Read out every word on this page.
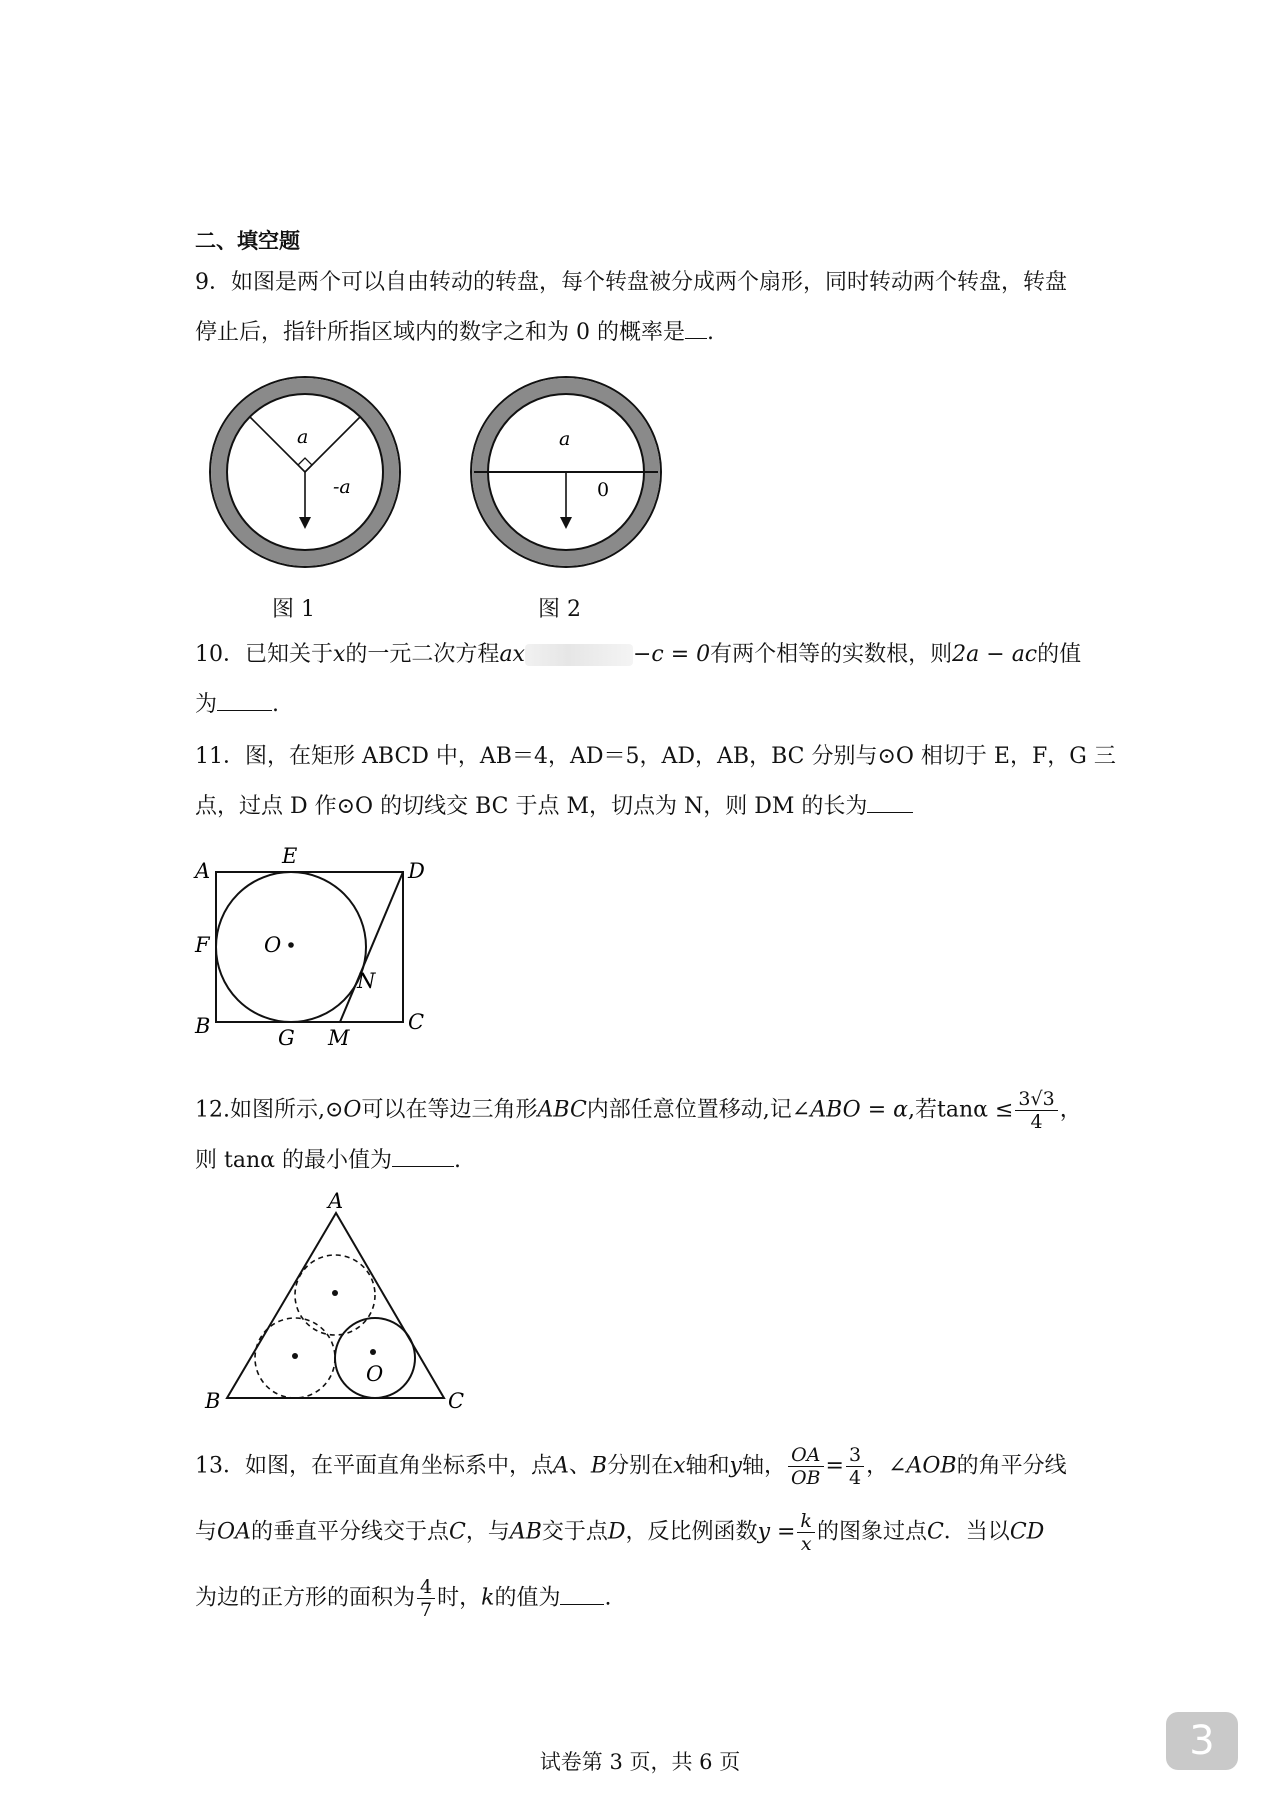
二、填空题
9．如图是两个可以自由转动的转盘，每个转盘被分成两个扇形，同时转动两个转盘，转盘
停止后，指针所指区域内的数字之和为 0 的概率是 .
a
-a
图 1
a
0
图 2
10．已知关于x的一元二次方程ax	−c = 0有两个相等的实数根，则2a − ac的值
为	.
11．图，在矩形 ABCD 中，AB＝4，AD＝5，AD，AB，BC 分别与⊙O 相切于 E，F，G 三
点，过点 D 作⊙O 的切线交 BC 于点 M，切点为 N，则 DM 的长为
A
E
D
F	O
N
B	G M
C
12.如图所示,⊙O可以在等边三角形ABC内部任意位置移动,记∠ABO = α,若$\tan\alpha \le \frac{3√3}{4}$ ，
则 tanα 的最小值为	.
A
B	C
O
13．如图，在平面直角坐标系中，点A、B分别在x轴和y轴， $\frac{OA}{OB} = \frac{3}{4}$ ，∠AOB的角平分线
与OA的垂直平分线交于点C，与AB交于点D，反比例函数$y = \frac{k}{x}$ 的图象过点C．当以CD
为边的正方形的面积为 $\frac{4}{7}$ 时，k的值为 .
试卷第 3 页，共 6 页	3
